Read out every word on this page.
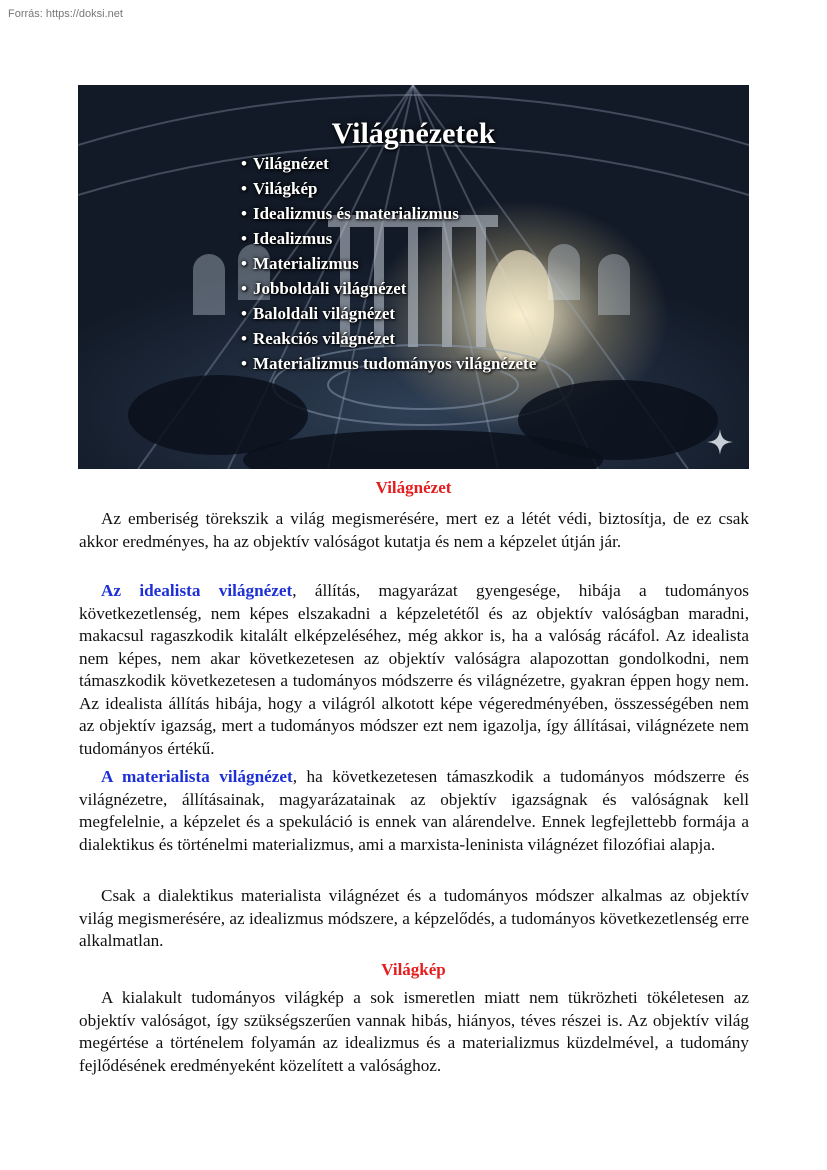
Forrás: https://doksi.net
Világnézetek
• Világnézet
• Világkép
• Idealizmus és materializmus
• Idealizmus
• Materializmus
• Jobboldali világnézet
• Baloldali világnézet
• Reakciós világnézet
• Materializmus tudományos világnézete
Világnézet

Az emberiség törekszik a világ megismerésére, mert ez a létét védi, biztosítja, de ez csak akkor eredményes, ha az objektív valóságot kutatja és nem a képzelet útján jár.

Az idealista világnézet, állítás, magyarázat gyengesége, hibája a tudományos következetlenség, nem képes elszakadni a képzeletétől és az objektív valóságban maradni, makacsul ragaszkodik kitalált elképzeléséhez, még akkor is, ha a valóság rácáfol. Az idealista nem képes, nem akar következetesen az objektív valóságra alapozottan gondolkodni, nem támaszkodik következetesen a tudományos módszerre és világnézetre, gyakran éppen hogy nem. Az idealista állítás hibája, hogy a világról alkotott képe végeredményében, összességében nem az objektív igazság, mert a tudományos módszer ezt nem igazolja, így állításai, világnézete nem tudományos értékű.

A materialista világnézet, ha következetesen támaszkodik a tudományos módszerre és világnézetre, állításainak, magyarázatainak az objektív igazságnak és valóságnak kell megfelelnie, a képzelet és a spekuláció is ennek van alárendelve. Ennek legfejlettebb formája a dialektikus és történelmi materializmus, ami a marxista-leninista világnézet filozófiai alapja.

Csak a dialektikus materialista világnézet és a tudományos módszer alkalmas az objektív világ megismerésére, az idealizmus módszere, a képzelődés, a tudományos következetlenség erre alkalmatlan.

Világkép

A kialakult tudományos világkép a sok ismeretlen miatt nem tükrözheti tökéletesen az objektív valóságot, így szükségszerűen vannak hibás, hiányos, téves részei is. Az objektív világ megértése a történelem folyamán az idealizmus és a materializmus küzdelmével, a tudomány fejlődésének eredményeként közelített a valósághoz.
